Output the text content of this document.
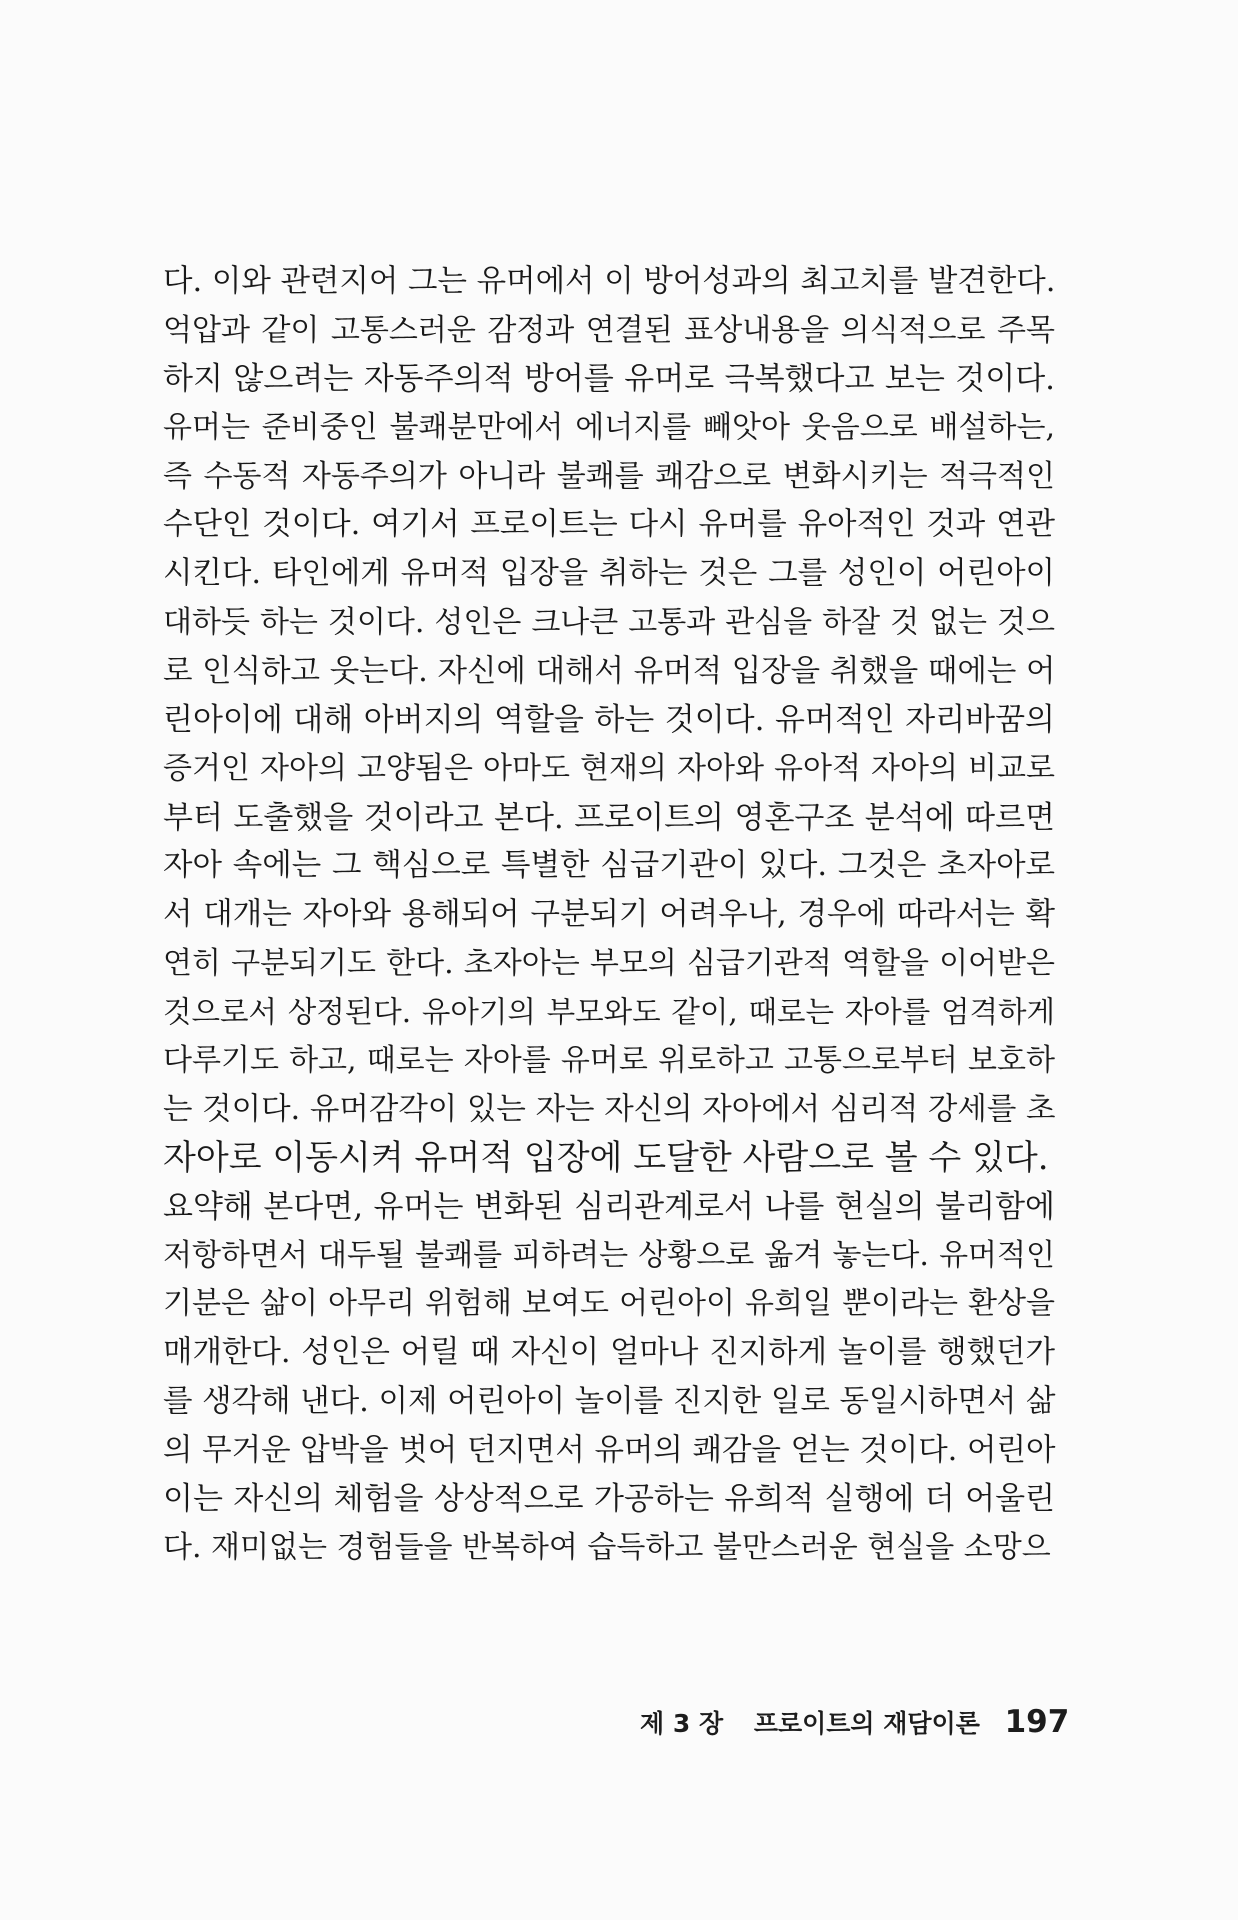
다. 이와 관련지어 그는 유머에서 이 방어성과의 최고치를 발견한다.
억압과 같이 고통스러운 감정과 연결된 표상내용을 의식적으로 주목
하지 않으려는 자동주의적 방어를 유머로 극복했다고 보는 것이다.
유머는 준비중인 불쾌분만에서 에너지를 빼앗아 웃음으로 배설하는,
즉 수동적 자동주의가 아니라 불쾌를 쾌감으로 변화시키는 적극적인
수단인 것이다. 여기서 프로이트는 다시 유머를 유아적인 것과 연관
시킨다. 타인에게 유머적 입장을 취하는 것은 그를 성인이 어린아이
대하듯 하는 것이다. 성인은 크나큰 고통과 관심을 하잘 것 없는 것으
로 인식하고 웃는다. 자신에 대해서 유머적 입장을 취했을 때에는 어
린아이에 대해 아버지의 역할을 하는 것이다. 유머적인 자리바꿈의
증거인 자아의 고양됨은 아마도 현재의 자아와 유아적 자아의 비교로
부터 도출했을 것이라고 본다. 프로이트의 영혼구조 분석에 따르면
자아 속에는 그 핵심으로 특별한 심급기관이 있다. 그것은 초자아로
서 대개는 자아와 용해되어 구분되기 어려우나, 경우에 따라서는 확
연히 구분되기도 한다. 초자아는 부모의 심급기관적 역할을 이어받은
것으로서 상정된다. 유아기의 부모와도 같이, 때로는 자아를 엄격하게
다루기도 하고, 때로는 자아를 유머로 위로하고 고통으로부터 보호하
는 것이다. 유머감각이 있는 자는 자신의 자아에서 심리적 강세를 초
자아로 이동시켜 유머적 입장에 도달한 사람으로 볼 수 있다.
요약해 본다면, 유머는 변화된 심리관계로서 나를 현실의 불리함에
저항하면서 대두될 불쾌를 피하려는 상황으로 옮겨 놓는다. 유머적인
기분은 삶이 아무리 위험해 보여도 어린아이 유희일 뿐이라는 환상을
매개한다. 성인은 어릴 때 자신이 얼마나 진지하게 놀이를 행했던가
를 생각해 낸다. 이제 어린아이 놀이를 진지한 일로 동일시하면서 삶
의 무거운 압박을 벗어 던지면서 유머의 쾌감을 얻는 것이다. 어린아
이는 자신의 체험을 상상적으로 가공하는 유희적 실행에 더 어울린
다. 재미없는 경험들을 반복하여 습득하고 불만스러운 현실을 소망으
제 3 장 프로이트의 재담이론 197
